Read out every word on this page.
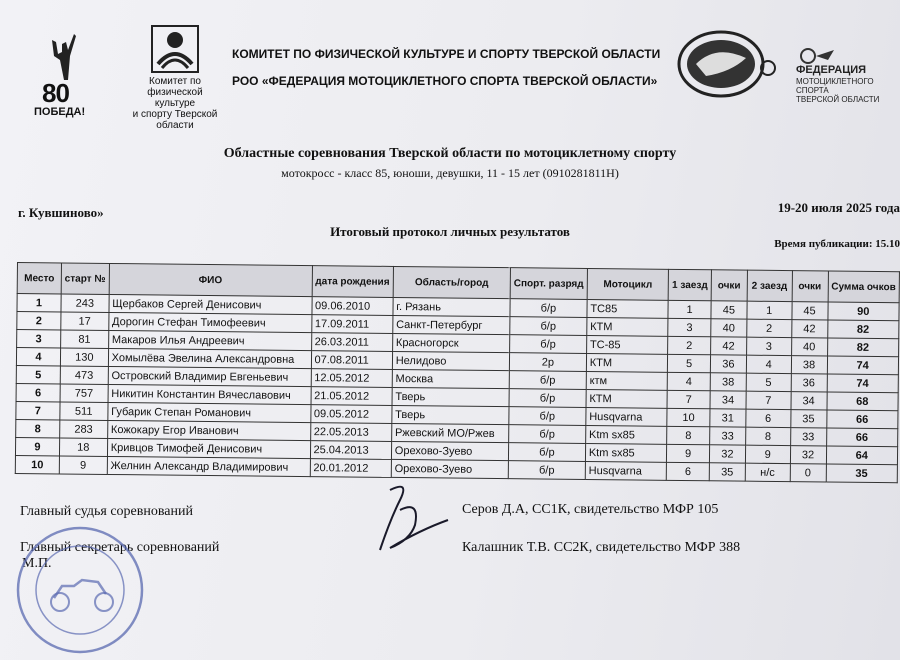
80
ПОБЕДА!
Комитет по
физической культуре
и спорту Тверской
области
КОМИТЕТ ПО ФИЗИЧЕСКОЙ КУЛЬТУРЕ И СПОРТУ ТВЕРСКОЙ ОБЛАСТИ
РОО «ФЕДЕРАЦИЯ МОТОЦИКЛЕТНОГО СПОРТА ТВЕРСКОЙ ОБЛАСТИ»
ФЕДЕРАЦИЯ
МОТОЦИКЛЕТНОГО СПОРТА
ТВЕРСКОЙ ОБЛАСТИ
Областные соревнования Тверской области по мотоциклетному спорту
мотокросс - класс 85, юноши, девушки, 11 - 15 лет (0910281811Н)
г. Кувшиново»	19-20 июля 2025 года
Итоговый протокол личных результатов
Время публикации: 15.10
Место	старт №	ФИО	дата рождения	Область/город	Спорт. разряд	Мотоцикл	1 заезд	очки	2 заезд	очки	Сумма очков
1	243	Щербаков Сергей Денисович	09.06.2010	г. Рязань	б/р	TC85	1	45	1	45	90
2	17	Дорогин Стефан Тимофеевич	17.09.2011	Санкт-Петербург	б/р	КТМ	3	40	2	42	82
3	81	Макаров Илья Андреевич	26.03.2011	Красногорск	б/р	ТС-85	2	42	3	40	82
4	130	Хомылёва Эвелина Александровна	07.08.2011	Нелидово	2р	КТМ	5	36	4	38	74
5	473	Островский Владимир Евгеньевич	12.05.2012	Москва	б/р	ктм	4	38	5	36	74
6	757	Никитин Константин Вячеславович	21.05.2012	Тверь	б/р	КТМ	7	34	7	34	68
7	511	Губарик Степан Романович	09.05.2012	Тверь	б/р	Husqvarna	10	31	6	35	66
8	283	Кожокару Егор Иванович	22.05.2013	Ржевский МО/Ржев	б/р	Ktm sx85	8	33	8	33	66
9	18	Кривцов Тимофей Денисович	25.04.2013	Орехово-Зуево	б/р	Ktm sx85	9	32	9	32	64
10	9	Желнин Александр Владимирович	20.01.2012	Орехово-Зуево	б/р	Husqvarna	6	35	н/с	0	35
Главный судья соревнований	Серов Д.А, СС1К, свидетельство МФР 105
Главный секретарь соревнований	Калашник Т.В. СС2К, свидетельство МФР 388
М.П.
